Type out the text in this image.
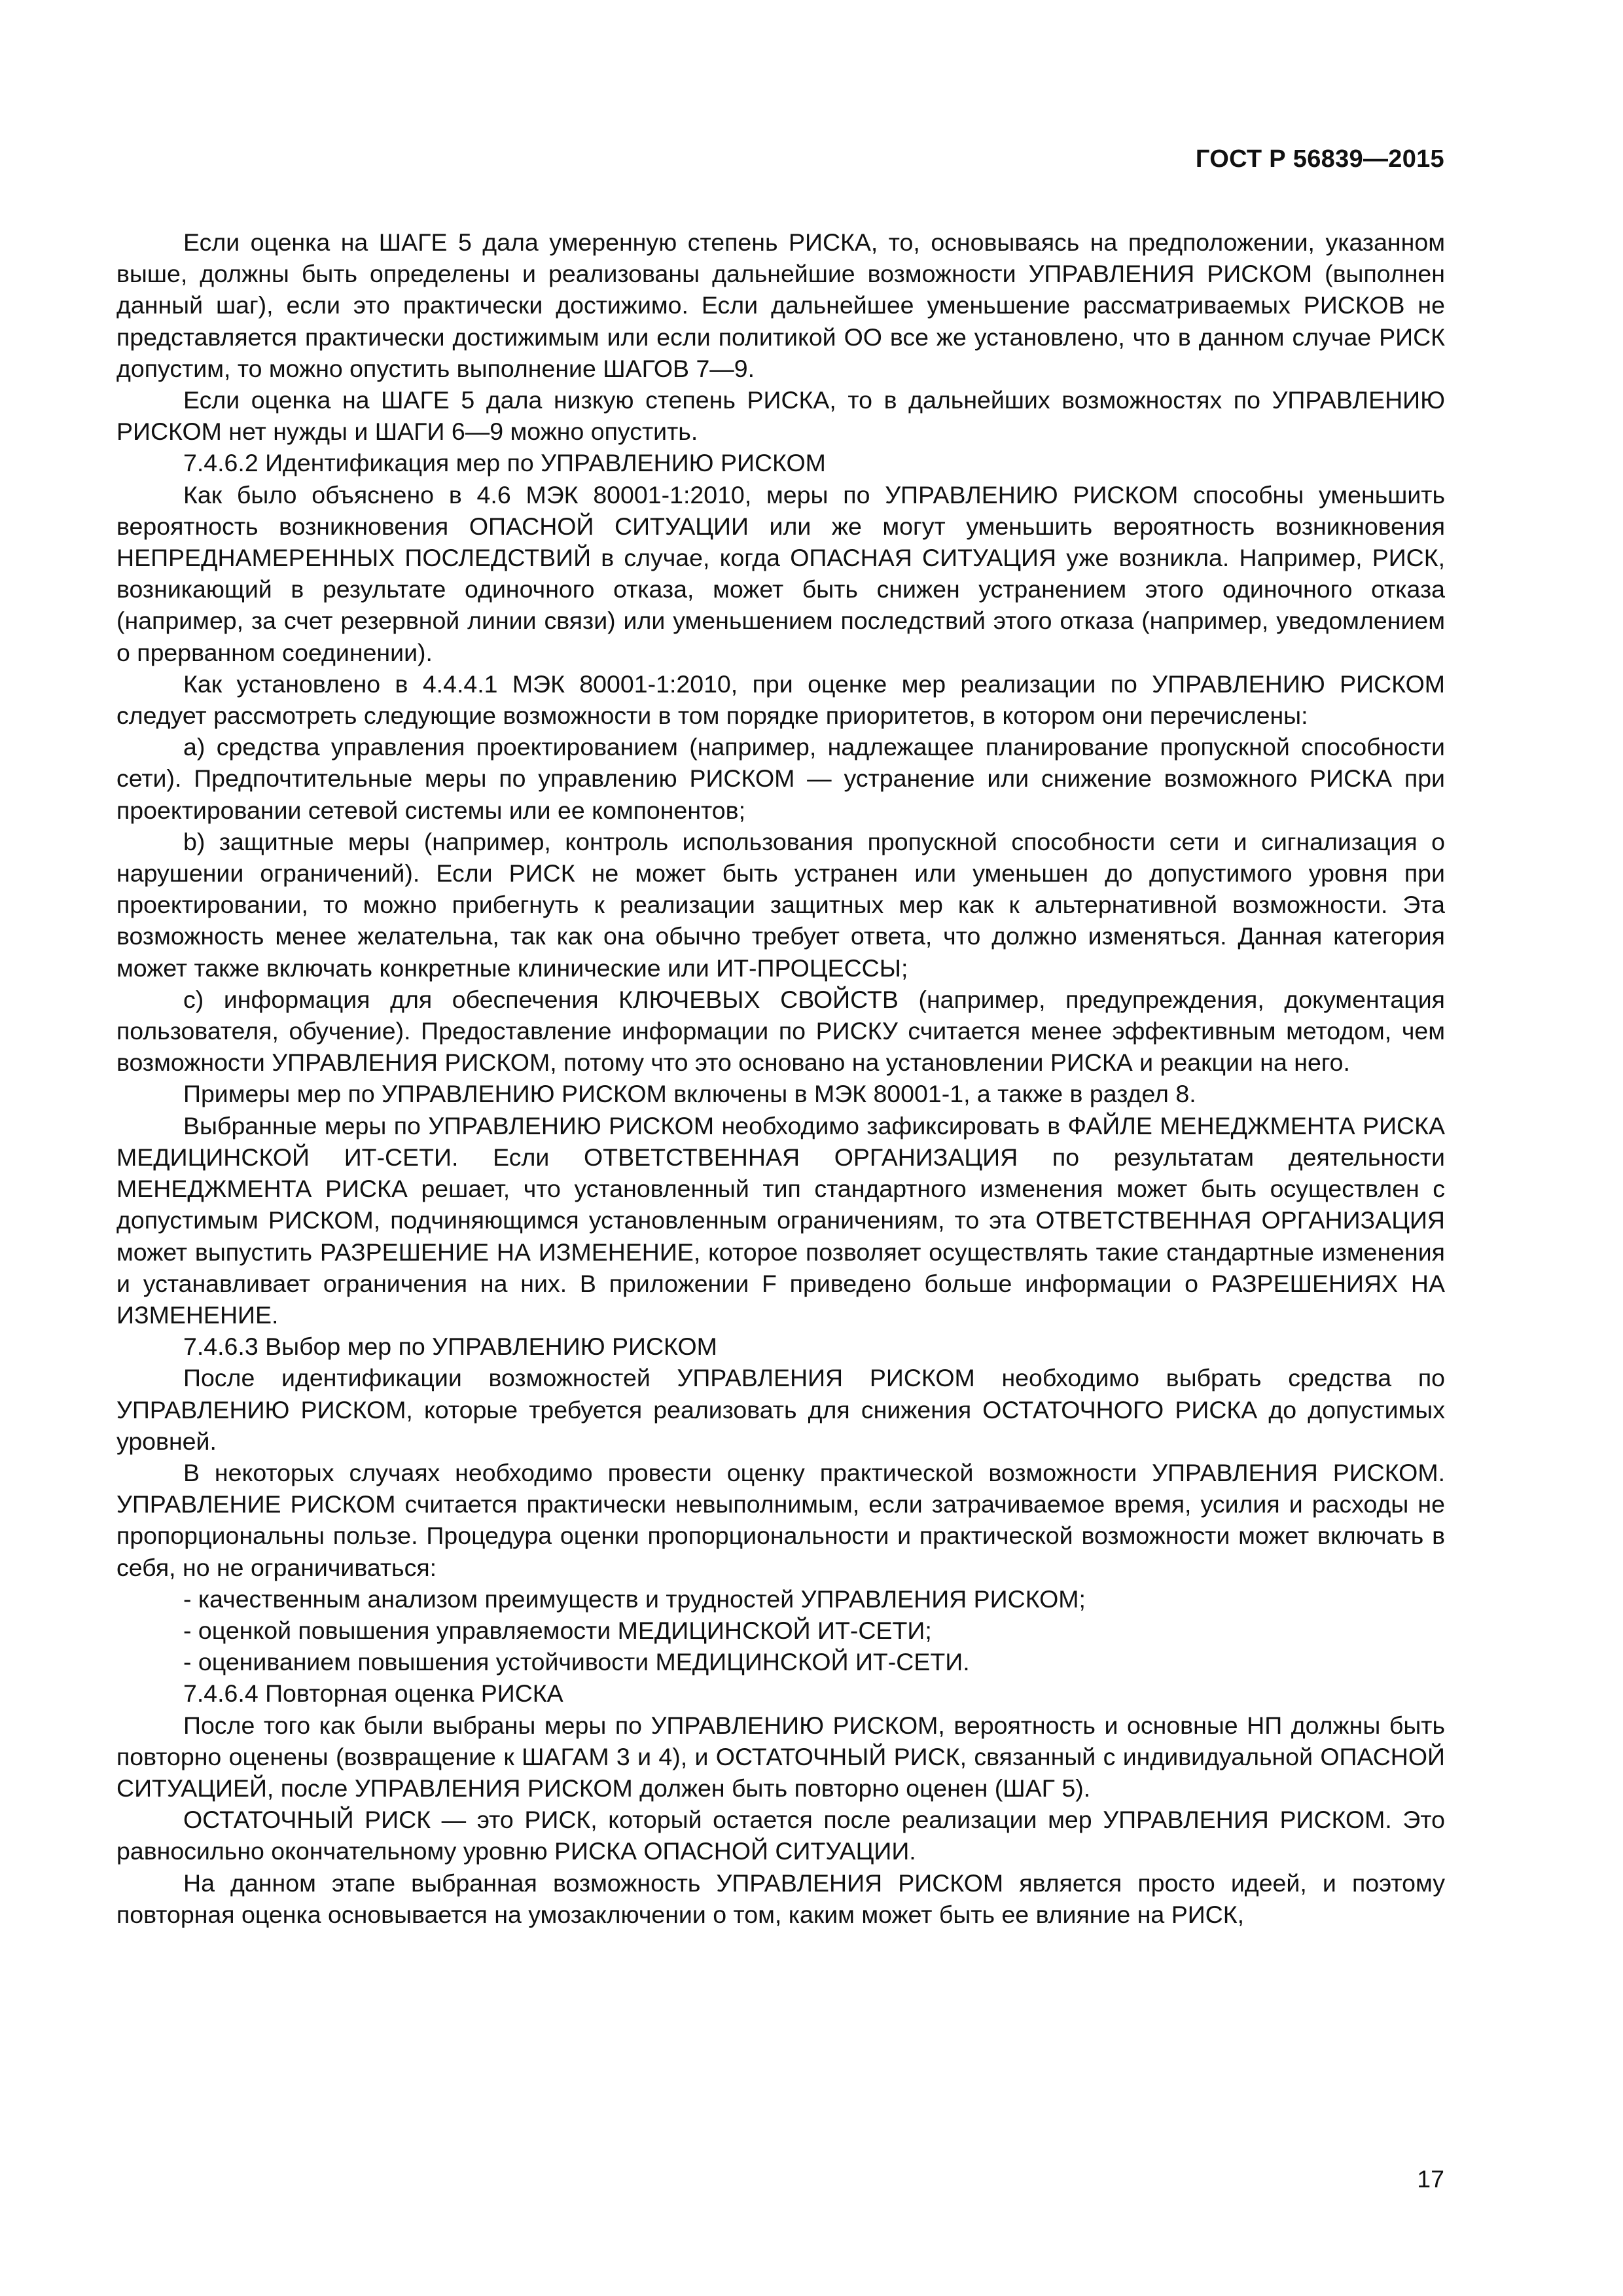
ГОСТ Р 56839—2015

Если оценка на ШАГЕ 5 дала умеренную степень РИСКА, то, основываясь на предположении, указанном выше, должны быть определены и реализованы дальнейшие возможности УПРАВЛЕНИЯ РИСКОМ (выполнен данный шаг), если это практически достижимо. Если дальнейшее уменьшение рассматриваемых РИСКОВ не представляется практически достижимым или если политикой ОО все же установлено, что в данном случае РИСК допустим, то можно опустить выполнение ШАГОВ 7—9.

Если оценка на ШАГЕ 5 дала низкую степень РИСКА, то в дальнейших возможностях по УПРАВЛЕНИЮ РИСКОМ нет нужды и ШАГИ 6—9 можно опустить.

7.4.6.2 Идентификация мер по УПРАВЛЕНИЮ РИСКОМ

Как было объяснено в 4.6 МЭК 80001-1:2010, меры по УПРАВЛЕНИЮ РИСКОМ способны уменьшить вероятность возникновения ОПАСНОЙ СИТУАЦИИ или же могут уменьшить вероятность возникновения НЕПРЕДНАМЕРЕННЫХ ПОСЛЕДСТВИЙ в случае, когда ОПАСНАЯ СИТУАЦИЯ уже возникла. Например, РИСК, возникающий в результате одиночного отказа, может быть снижен устранением этого одиночного отказа (например, за счет резервной линии связи) или уменьшением последствий этого отказа (например, уведомлением о прерванном соединении).

Как установлено в 4.4.4.1 МЭК 80001-1:2010, при оценке мер реализации по УПРАВЛЕНИЮ РИСКОМ следует рассмотреть следующие возможности в том порядке приоритетов, в котором они перечислены:

a) средства управления проектированием (например, надлежащее планирование пропускной способности сети). Предпочтительные меры по управлению РИСКОМ — устранение или снижение возможного РИСКА при проектировании сетевой системы или ее компонентов;

b) защитные меры (например, контроль использования пропускной способности сети и сигнализация о нарушении ограничений). Если РИСК не может быть устранен или уменьшен до допустимого уровня при проектировании, то можно прибегнуть к реализации защитных мер как к альтернативной возможности. Эта возможность менее желательна, так как она обычно требует ответа, что должно изменяться. Данная категория может также включать конкретные клинические или ИТ-ПРОЦЕССЫ;

c) информация для обеспечения КЛЮЧЕВЫХ СВОЙСТВ (например, предупреждения, документация пользователя, обучение). Предоставление информации по РИСКУ считается менее эффективным методом, чем возможности УПРАВЛЕНИЯ РИСКОМ, потому что это основано на установлении РИСКА и реакции на него.

Примеры мер по УПРАВЛЕНИЮ РИСКОМ включены в МЭК 80001-1, а также в раздел 8.

Выбранные меры по УПРАВЛЕНИЮ РИСКОМ необходимо зафиксировать в ФАЙЛЕ МЕНЕДЖМЕНТА РИСКА МЕДИЦИНСКОЙ ИТ-СЕТИ. Если ОТВЕТСТВЕННАЯ ОРГАНИЗАЦИЯ по результатам деятельности МЕНЕДЖМЕНТА РИСКА решает, что установленный тип стандартного изменения может быть осуществлен с допустимым РИСКОМ, подчиняющимся установленным ограничениям, то эта ОТВЕТСТВЕННАЯ ОРГАНИЗАЦИЯ может выпустить РАЗРЕШЕНИЕ НА ИЗМЕНЕНИЕ, которое позволяет осуществлять такие стандартные изменения и устанавливает ограничения на них. В приложении F приведено больше информации о РАЗРЕШЕНИЯХ НА ИЗМЕНЕНИЕ.

7.4.6.3 Выбор мер по УПРАВЛЕНИЮ РИСКОМ

После идентификации возможностей УПРАВЛЕНИЯ РИСКОМ необходимо выбрать средства по УПРАВЛЕНИЮ РИСКОМ, которые требуется реализовать для снижения ОСТАТОЧНОГО РИСКА до допустимых уровней.

В некоторых случаях необходимо провести оценку практической возможности УПРАВЛЕНИЯ РИСКОМ. УПРАВЛЕНИЕ РИСКОМ считается практически невыполнимым, если затрачиваемое время, усилия и расходы не пропорциональны пользе. Процедура оценки пропорциональности и практической возможности может включать в себя, но не ограничиваться:

- качественным анализом преимуществ и трудностей УПРАВЛЕНИЯ РИСКОМ;

- оценкой повышения управляемости МЕДИЦИНСКОЙ ИТ-СЕТИ;

- оцениванием повышения устойчивости МЕДИЦИНСКОЙ ИТ-СЕТИ.

7.4.6.4 Повторная оценка РИСКА

После того как были выбраны меры по УПРАВЛЕНИЮ РИСКОМ, вероятность и основные НП должны быть повторно оценены (возвращение к ШАГАМ 3 и 4), и ОСТАТОЧНЫЙ РИСК, связанный с индивидуальной ОПАСНОЙ СИТУАЦИЕЙ, после УПРАВЛЕНИЯ РИСКОМ должен быть повторно оценен (ШАГ 5).

ОСТАТОЧНЫЙ РИСК — это РИСК, который остается после реализации мер УПРАВЛЕНИЯ РИСКОМ. Это равносильно окончательному уровню РИСКА ОПАСНОЙ СИТУАЦИИ.

На данном этапе выбранная возможность УПРАВЛЕНИЯ РИСКОМ является просто идеей, и поэтому повторная оценка основывается на умозаключении о том, каким может быть ее влияние на РИСК,

17
